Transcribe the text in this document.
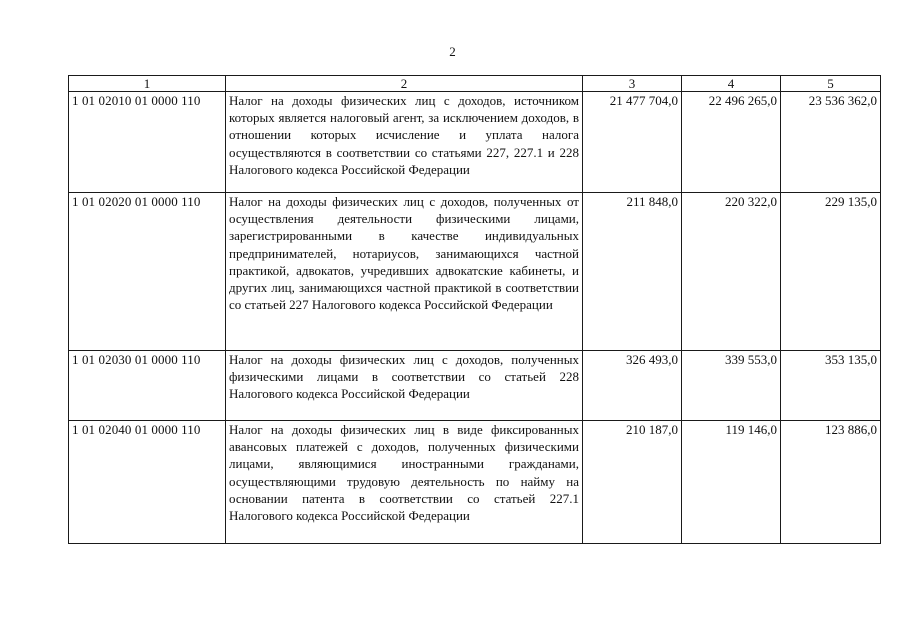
2
1	2	3	4	5
1 01 02010 01 0000 110	Налог на доходы физических лиц с доходов, источником которых является налоговый агент, за исключением доходов, в отношении которых исчисление и уплата налога осуществляются в соответствии со статьями 227, 227.1 и 228 Налогового кодекса Российской Федерации	21 477 704,0	22 496 265,0	23 536 362,0
1 01 02020 01 0000 110	Налог на доходы физических лиц с доходов, полученных от осуществления деятельности физическими лицами, зарегистрированными в качестве индивидуальных предпринимателей, нотариусов, занимающихся частной практикой, адвокатов, учредивших адвокатские кабинеты, и других лиц, занимающихся частной практикой в соответствии со статьей 227 Налогового кодекса Российской Федерации	211 848,0	220 322,0	229 135,0
1 01 02030 01 0000 110	Налог на доходы физических лиц с доходов, полученных физическими лицами в соответствии со статьей 228 Налогового кодекса Российской Федерации	326 493,0	339 553,0	353 135,0
1 01 02040 01 0000 110	Налог на доходы физических лиц в виде фиксированных авансовых платежей с доходов, полученных физическими лицами, являющимися иностранными гражданами, осуществляющими трудовую деятельность по найму на основании патента в соответствии со статьей 227.1 Налогового кодекса Российской Федерации	210 187,0	119 146,0	123 886,0
